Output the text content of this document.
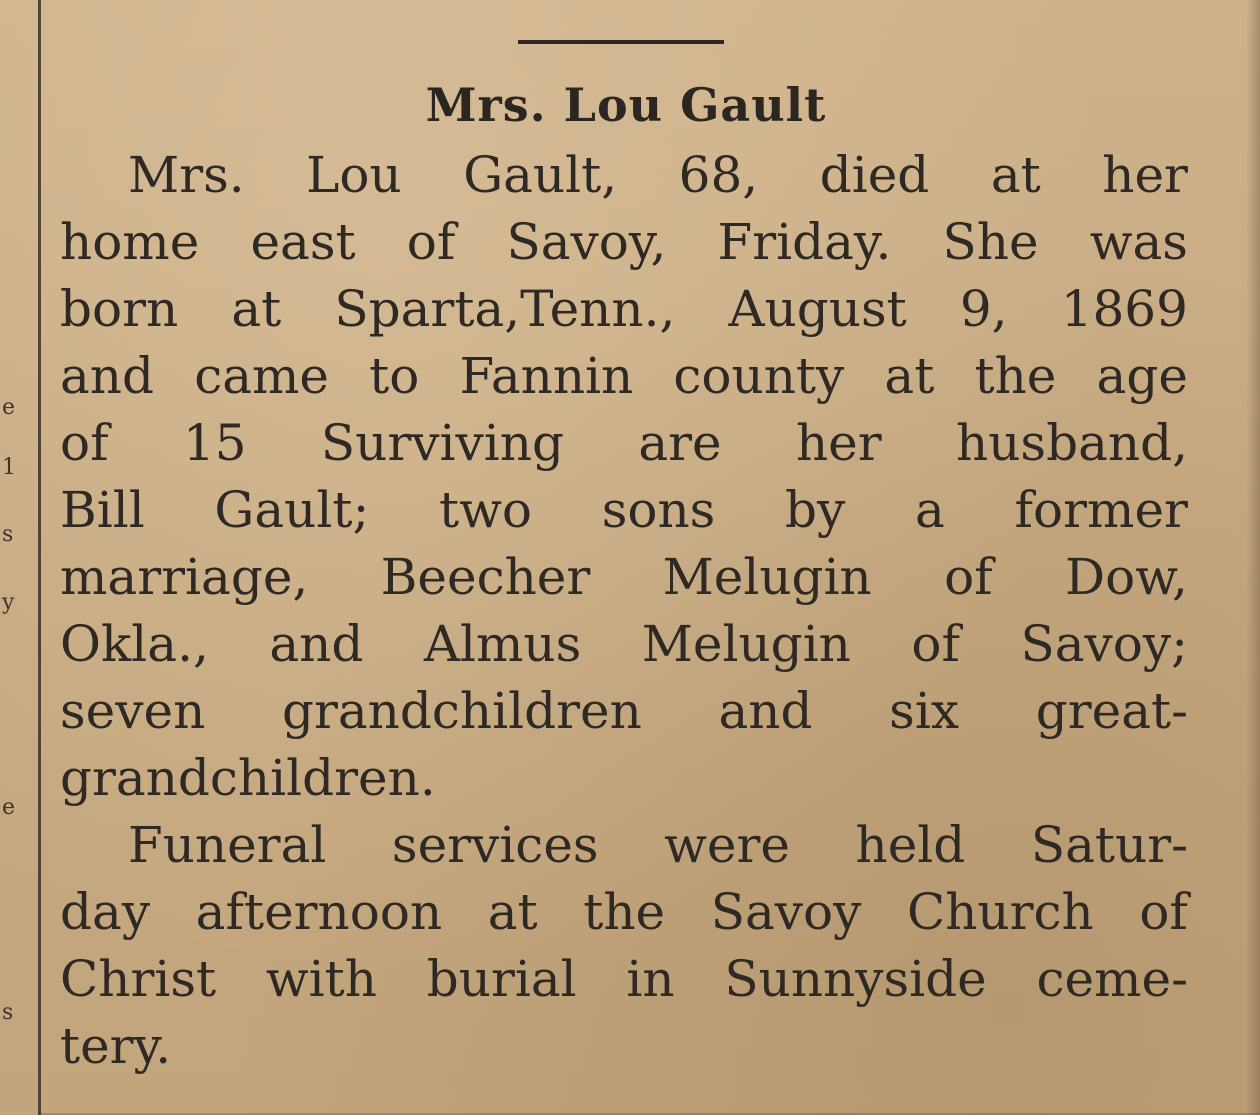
e
1
s
y
e
s
Mrs. Lou Gault
Mrs. Lou Gault, 68, died at her
home east of Savoy, Friday. She was
born at Sparta,Tenn., August 9, 1869
and came to Fannin county at the age
of 15 Surviving are her husband,
Bill Gault; two sons by a former
marriage, Beecher Melugin of Dow,
Okla., and Almus Melugin of Savoy;
seven grandchildren and six great-
grandchildren.
Funeral services were held Satur-
day afternoon at the Savoy Church of
Christ with burial in Sunnyside ceme-
tery.
